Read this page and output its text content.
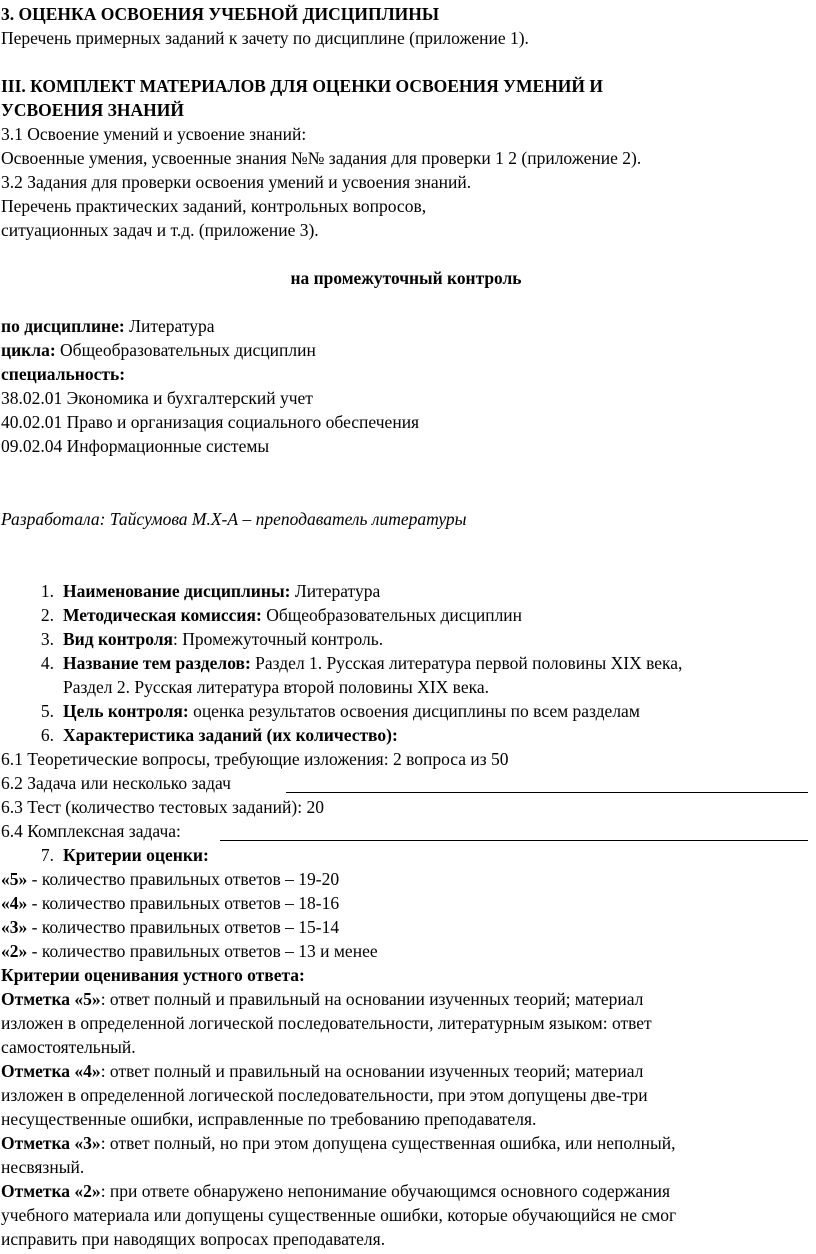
3. ОЦЕНКА ОСВОЕНИЯ УЧЕБНОЙ ДИСЦИПЛИНЫ
Перечень примерных заданий к зачету по дисциплине (приложение 1).
III. КОМПЛЕКТ МАТЕРИАЛОВ ДЛЯ ОЦЕНКИ ОСВОЕНИЯ УМЕНИЙ И
УСВОЕНИЯ ЗНАНИЙ
3.1 Освоение умений и усвоение знаний:
Освоенные умения, усвоенные знания №№ задания для проверки 1 2 (приложение 2).
3.2 Задания для проверки освоения умений и усвоения знаний.
Перечень практических заданий, контрольных вопросов,
ситуационных задач и т.д. (приложение 3).
на промежуточный контроль
по дисциплине: Литература
цикла: Общеобразовательных дисциплин
специальность:
38.02.01 Экономика и бухгалтерский учет
40.02.01 Право и организация социального обеспечения
09.02.04 Информационные системы
Разработала: Тайсумова М.Х-А – преподаватель литературы
1. Наименование дисциплины: Литература
2. Методическая комиссия: Общеобразовательных дисциплин
3. Вид контроля: Промежуточный контроль.
4. Название тем разделов: Раздел 1. Русская литература первой половины XIX века,
Раздел 2. Русская литература второй половины XIX века.
5. Цель контроля: оценка результатов освоения дисциплины по всем разделам
6. Характеристика заданий (их количество):
6.1 Теоретические вопросы, требующие изложения: 2 вопроса из 50
6.2 Задача или несколько задач
6.3 Тест (количество тестовых заданий): 20
6.4 Комплексная задача:
7. Критерии оценки:
«5» - количество правильных ответов – 19-20
«4» - количество правильных ответов – 18-16
«3» - количество правильных ответов – 15-14
«2» - количество правильных ответов – 13 и менее
Критерии оценивания устного ответа:
Отметка «5»: ответ полный и правильный на основании изученных теорий; материал
изложен в определенной логической последовательности, литературным языком: ответ
самостоятельный.
Отметка «4»: ответ полный и правильный на основании изученных теорий; материал
изложен в определенной логической последовательности, при этом допущены две-три
несущественные ошибки, исправленные по требованию преподавателя.
Отметка «3»: ответ полный, но при этом допущена существенная ошибка, или неполный,
несвязный.
Отметка «2»: при ответе обнаружено непонимание обучающимся основного содержания
учебного материала или допущены существенные ошибки, которые обучающийся не смог
исправить при наводящих вопросах преподавателя.
